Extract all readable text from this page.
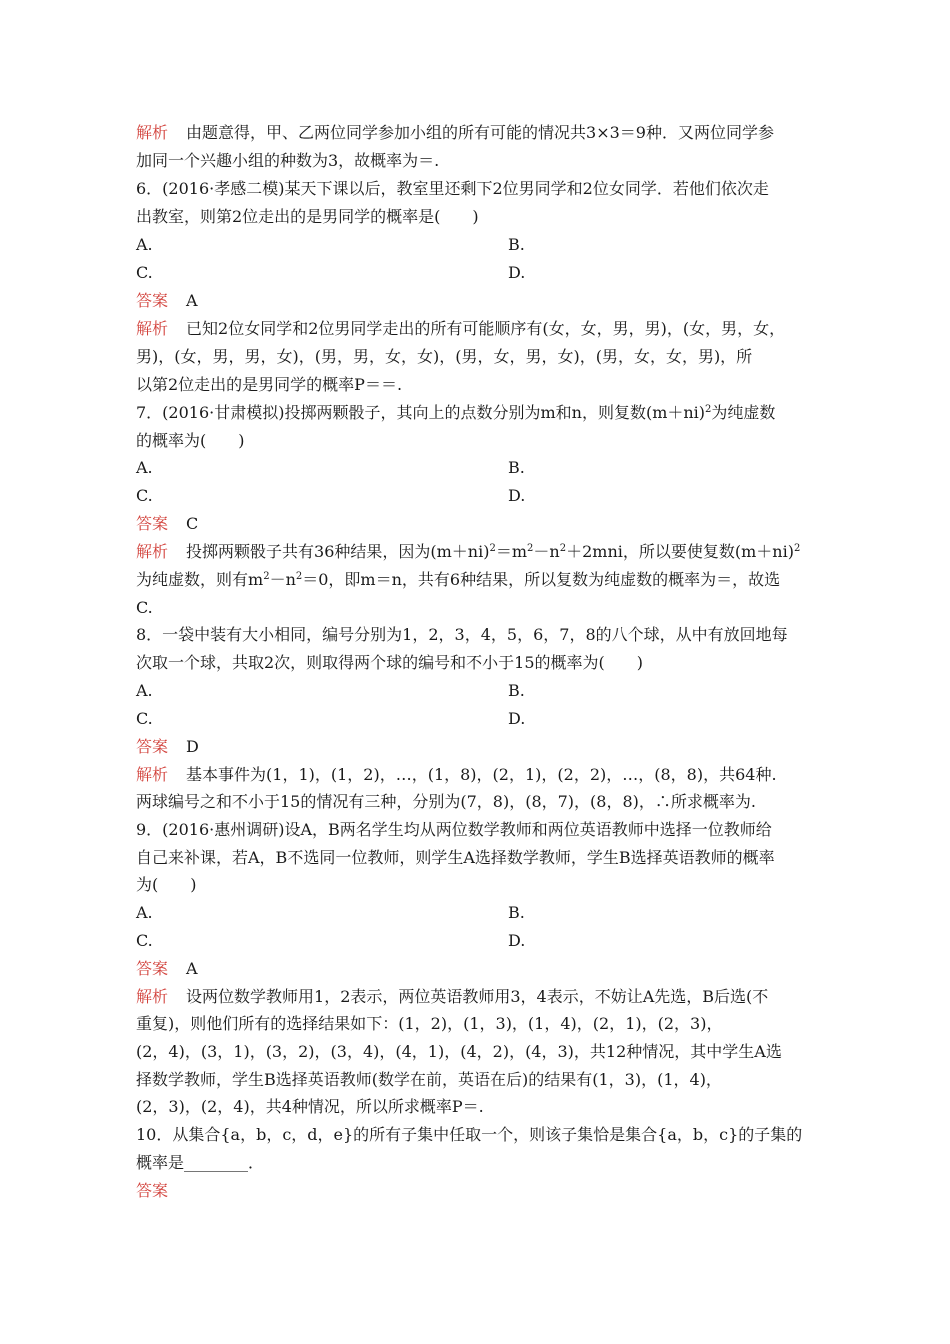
解析 由题意得，甲、乙两位同学参加小组的所有可能的情况共3×3＝9种．又两位同学参
加同一个兴趣小组的种数为3，故概率为＝.
6．(2016·孝感二模)某天下课以后，教室里还剩下2位男同学和2位女同学．若他们依次走
出教室，则第2位走出的是男同学的概率是(　　)
A.	B.
C.	D.
答案 A
解析 已知2位女同学和2位男同学走出的所有可能顺序有(女，女，男，男)，(女，男，女，
男)，(女，男，男，女)，(男，男，女，女)，(男，女，男，女)，(男，女，女，男)，所
以第2位走出的是男同学的概率P＝＝.
7．(2016·甘肃模拟)投掷两颗骰子，其向上的点数分别为m和n，则复数$(m+ni)^2$为纯虚数
的概率为(　　)
A.	B.
C.	D.
答案 C
解析 投掷两颗骰子共有36种结果，因为$(m+ni)^2=m^2-n^2+2mni$，所以要使复数$(m+ni)^2$
为纯虚数，则有$m^2-n^2=0$，即m＝n，共有6种结果，所以复数为纯虚数的概率为＝，故选
C.
8．一袋中装有大小相同，编号分别为1，2，3，4，5，6，7，8的八个球，从中有放回地每
次取一个球，共取2次，则取得两个球的编号和不小于15的概率为(　　)
A.	B.
C.	D.
答案 D
解析 基本事件为(1，1)，(1，2)，…，(1，8)，(2，1)，(2，2)，…，(8，8)，共64种.
两球编号之和不小于15的情况有三种，分别为(7，8)，(8，7)，(8，8)，∴所求概率为.
9．(2016·惠州调研)设A，B两名学生均从两位数学教师和两位英语教师中选择一位教师给
自己来补课，若A，B不选同一位教师，则学生A选择数学教师，学生B选择英语教师的概率
为(　　)
A.	B.
C.	D.
答案 A
解析 设两位数学教师用1，2表示，两位英语教师用3，4表示，不妨让A先选，B后选(不
重复)，则他们所有的选择结果如下：(1，2)，(1，3)，(1，4)，(2，1)，(2，3)，
(2，4)，(3，1)，(3，2)，(3，4)，(4，1)，(4，2)，(4，3)，共12种情况，其中学生A选
择数学教师，学生B选择英语教师(数学在前，英语在后)的结果有(1，3)，(1，4)，
(2，3)，(2，4)，共4种情况，所以所求概率P＝.
10．从集合{a，b，c，d，e}的所有子集中任取一个，则该子集恰是集合{a，b，c}的子集的
概率是________．
答案
